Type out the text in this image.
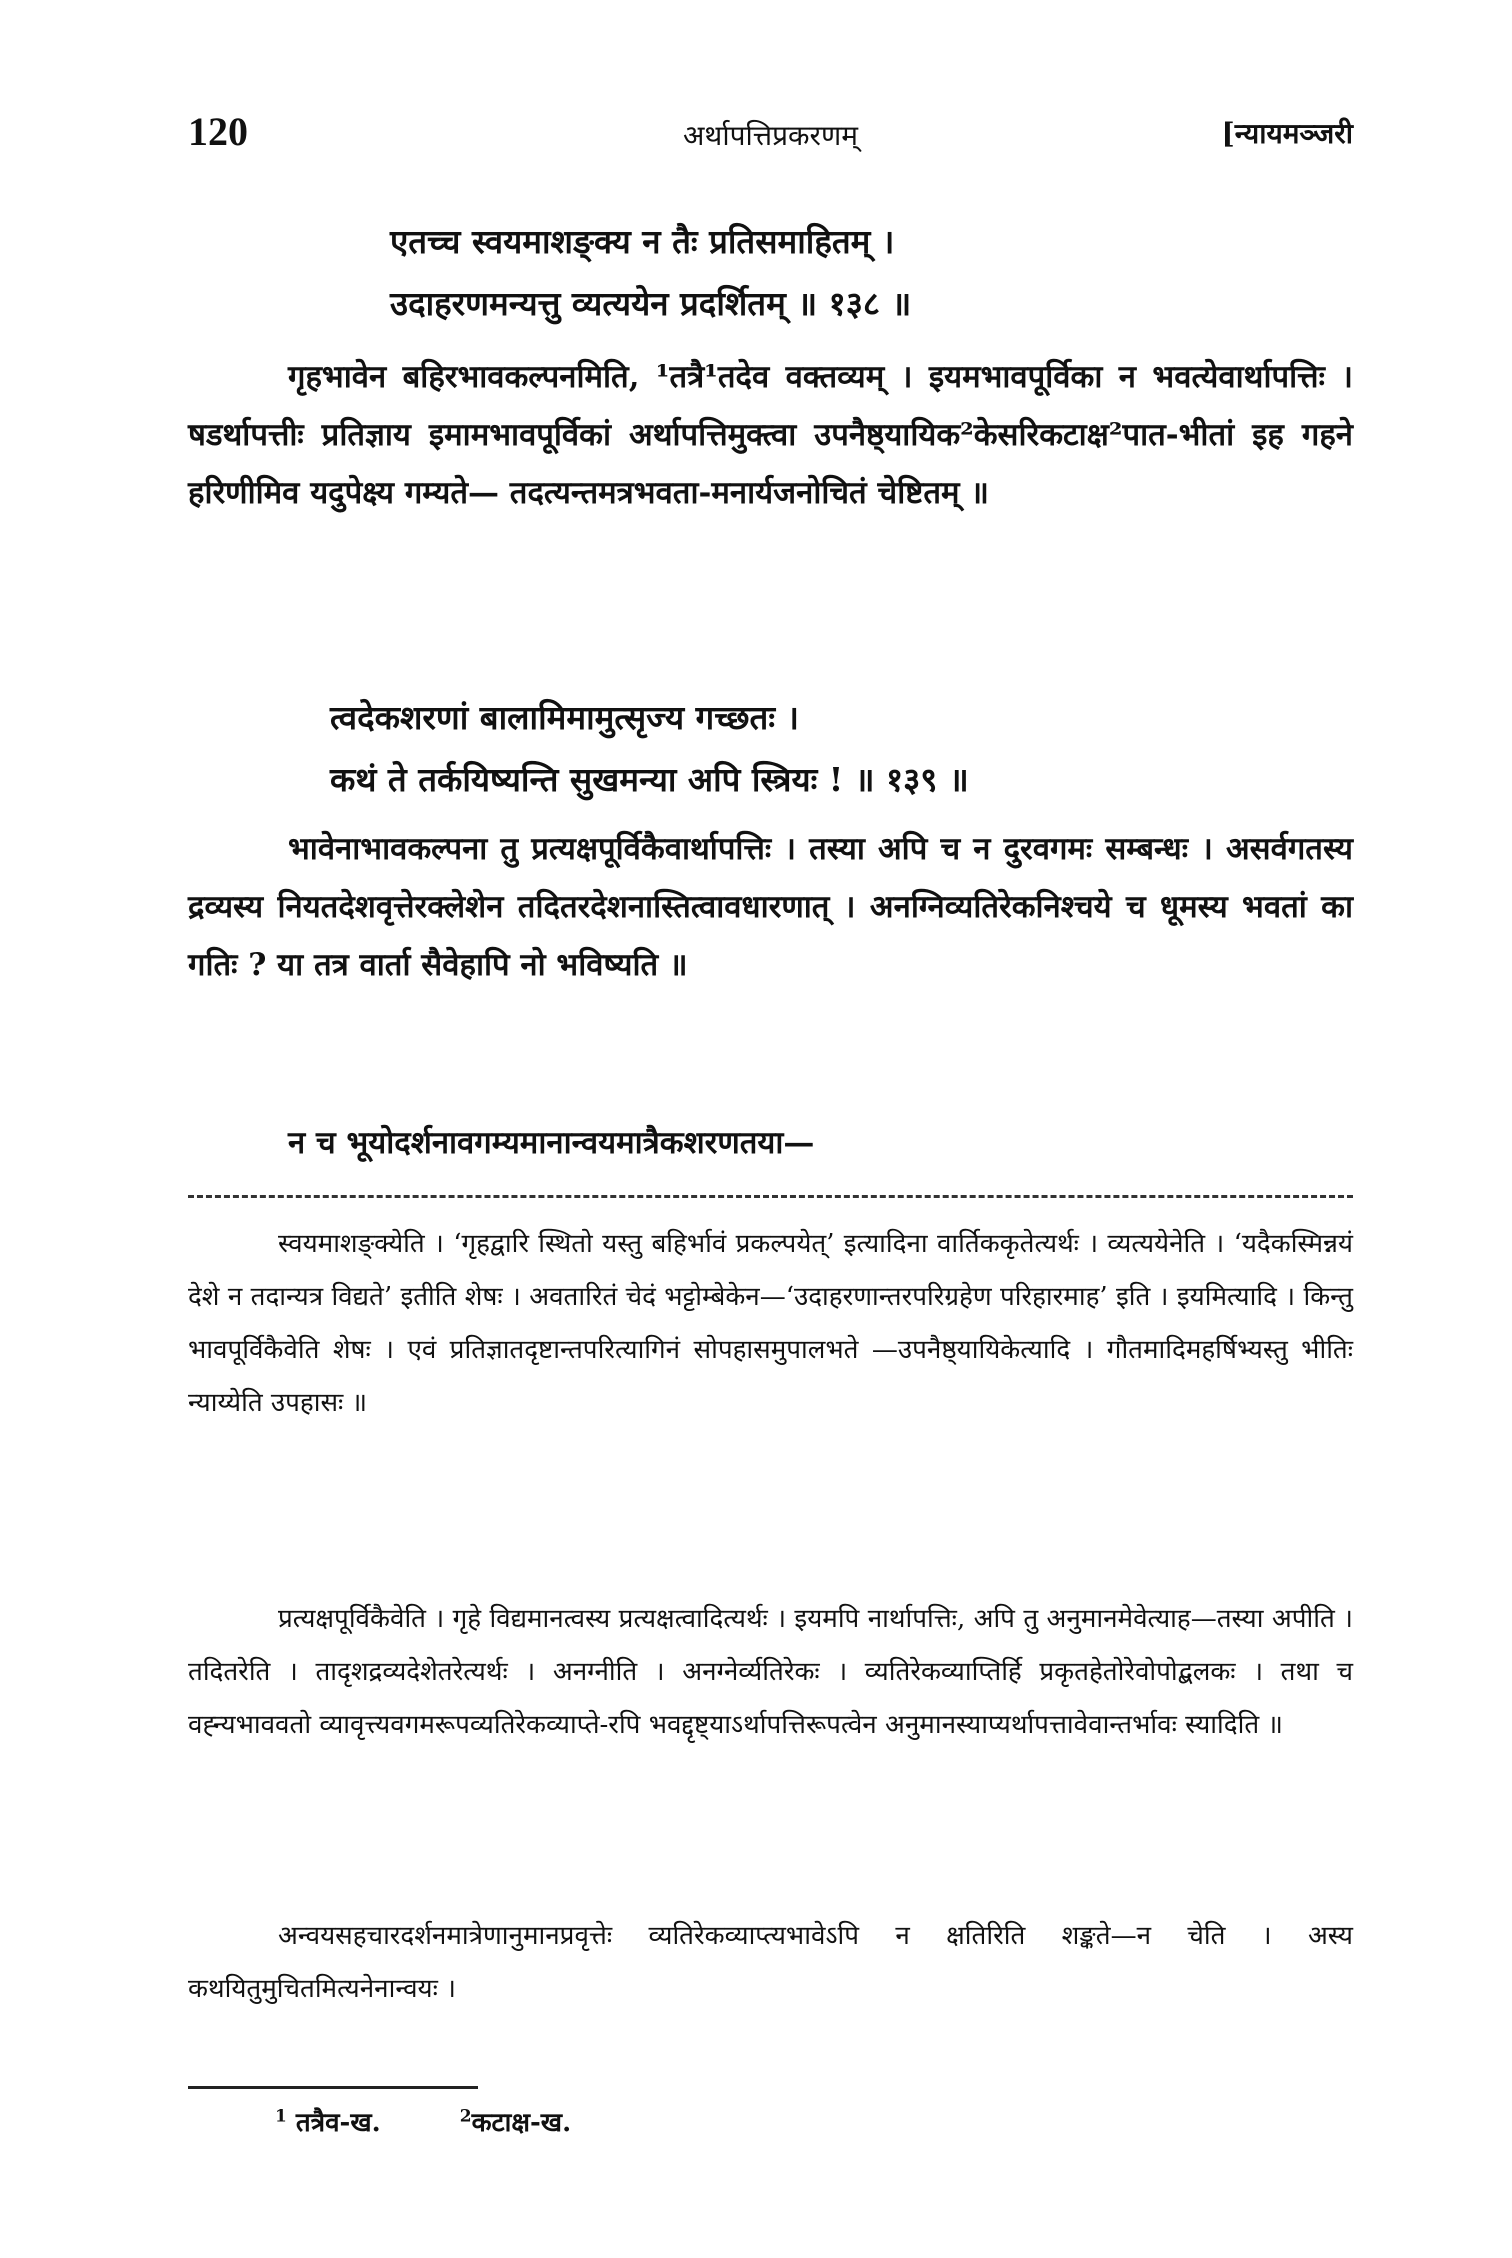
120	अर्थापत्तिप्रकरणम्	[न्यायमञ्जरी
एतच्च स्वयमाशङ्क्य न तैः प्रतिसमाहितम् ।
उदाहरणमन्यत्तु व्यत्ययेन प्रदर्शितम् ॥ १३८ ॥

गृहभावेन बहिरभावकल्पनमिति, ¹तत्रै¹तदेव वक्तव्यम् । इयमभावपूर्विका न भवत्येवार्थापत्तिः । षडर्थापत्तीः प्रतिज्ञाय इमामभावपूर्विकां अर्थापत्तिमुक्त्वा उपनैष्ठ्यायिक²केसरिकटाक्ष²पात-भीतां इह गहने हरिणीमिव यदुपेक्ष्य गम्यते— तदत्यन्तमत्रभवता-मनार्यजनोचितं चेष्टितम् ॥

त्वदेकशरणां बालामिमामुत्सृज्य गच्छतः ।
कथं ते तर्कयिष्यन्ति सुखमन्या अपि स्त्रियः ! ॥ १३९ ॥

भावेनाभावकल्पना तु प्रत्यक्षपूर्विकैवार्थापत्तिः । तस्या अपि च न दुरवगमः सम्बन्धः । असर्वगतस्य द्रव्यस्य नियतदेशवृत्तेरक्लेशेन तदितरदेशनास्तित्वावधारणात् । अनग्निव्यतिरेकनिश्चये च धूमस्य भवतां का गतिः ? या तत्र वार्ता सैवेहापि नो भविष्यति ॥

न च भूयोदर्शनावगम्यमानान्वयमात्रैकशरणतया—

स्वयमाशङ्क्येति । ‘गृहद्वारि स्थितो यस्तु बहिर्भावं प्रकल्पयेत्’ इत्यादिना वार्तिककृतेत्यर्थः । व्यत्ययेनेति । ‘यदैकस्मिन्नयं देशे न तदान्यत्र विद्यते’ इतीति शेषः । अवतारितं चेदं भट्टोम्बेकेन—‘उदाहरणान्तरपरिग्रहेण परिहारमाह’ इति । इयमित्यादि । किन्तु भावपूर्विकैवेति शेषः । एवं प्रतिज्ञातदृष्टान्तपरित्यागिनं सोपहासमुपालभते —उपनैष्ठ्यायिकेत्यादि । गौतमादिमहर्षिभ्यस्तु भीतिः न्याय्येति उपहासः ॥

प्रत्यक्षपूर्विकैवेति । गृहे विद्यमानत्वस्य प्रत्यक्षत्वादित्यर्थः । इयमपि नार्थापत्तिः, अपि तु अनुमानमेवेत्याह—तस्या अपीति । तदितरेति । तादृशद्रव्यदेशेतरेत्यर्थः । अनग्नीति । अनग्नेर्व्यतिरेकः । व्यतिरेकव्याप्तिर्हि प्रकृतहेतोरेवोपोद्बलकः । तथा च वह्न्यभाववतो व्यावृत्त्यवगमरूपव्यतिरेकव्याप्ते-रपि भवद्दृष्ट्याऽर्थापत्तिरूपत्वेन अनुमानस्याप्यर्थापत्तावेवान्तर्भावः स्यादिति ॥

अन्वयसहचारदर्शनमात्रेणानुमानप्रवृत्तेः व्यतिरेकव्याप्त्यभावेऽपि न क्षतिरिति शङ्कते—न चेति । अस्य कथयितुमुचितमित्यनेनान्वयः ।

$^1$ तत्रैव-ख.	$^2$कटाक्ष-ख.
